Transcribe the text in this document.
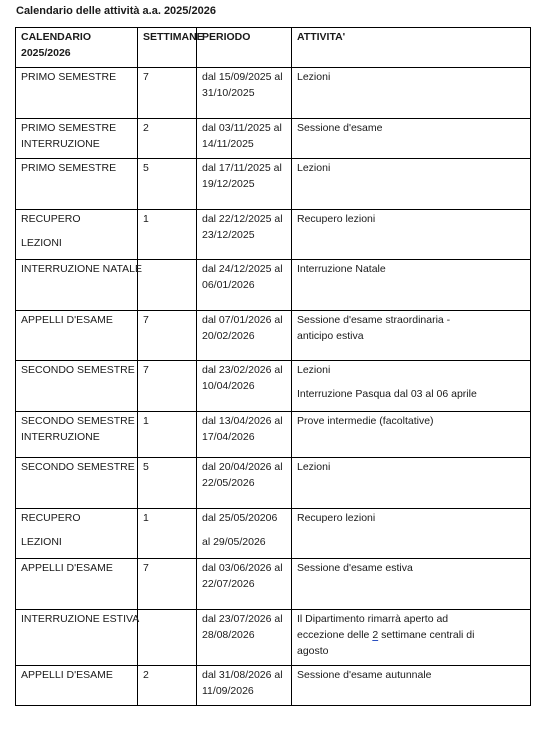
Calendario delle attività a.a. 2025/2026
CALENDARIO
2025/2026	SETTIMANE	PERIODO	ATTIVITA'

PRIMO SEMESTRE	7	dal 15/09/2025 al
31/10/2025	Lezioni

PRIMO SEMESTRE
INTERRUZIONE	2	dal 03/11/2025 al
14/11/2025	Sessione d'esame

PRIMO SEMESTRE	5	dal 17/11/2025 al
19/12/2025	Lezioni

RECUPERO
LEZIONI	1	dal 22/12/2025 al
23/12/2025	Recupero lezioni

INTERRUZIONE NATALE		dal 24/12/2025 al
06/01/2026	Interruzione Natale

APPELLI D'ESAME	7	dal 07/01/2026 al
20/02/2026	Sessione d'esame straordinaria -
anticipo estiva

SECONDO SEMESTRE	7	dal 23/02/2026 al
10/04/2026	Lezioni
Interruzione Pasqua dal 03 al 06 aprile

SECONDO SEMESTRE
INTERRUZIONE	1	dal 13/04/2026 al
17/04/2026	Prove intermedie (facoltative)

SECONDO SEMESTRE	5	dal 20/04/2026 al
22/05/2026	Lezioni

RECUPERO
LEZIONI	1	dal 25/05/20206
al 29/05/2026	Recupero lezioni

APPELLI D'ESAME	7	dal 03/06/2026 al
22/07/2026	Sessione d'esame estiva

INTERRUZIONE ESTIVA		dal 23/07/2026 al
28/08/2026	Il Dipartimento rimarrà aperto ad
eccezione delle 2 settimane centrali di
agosto

APPELLI D'ESAME	2	dal 31/08/2026 al
11/09/2026	Sessione d'esame autunnale
